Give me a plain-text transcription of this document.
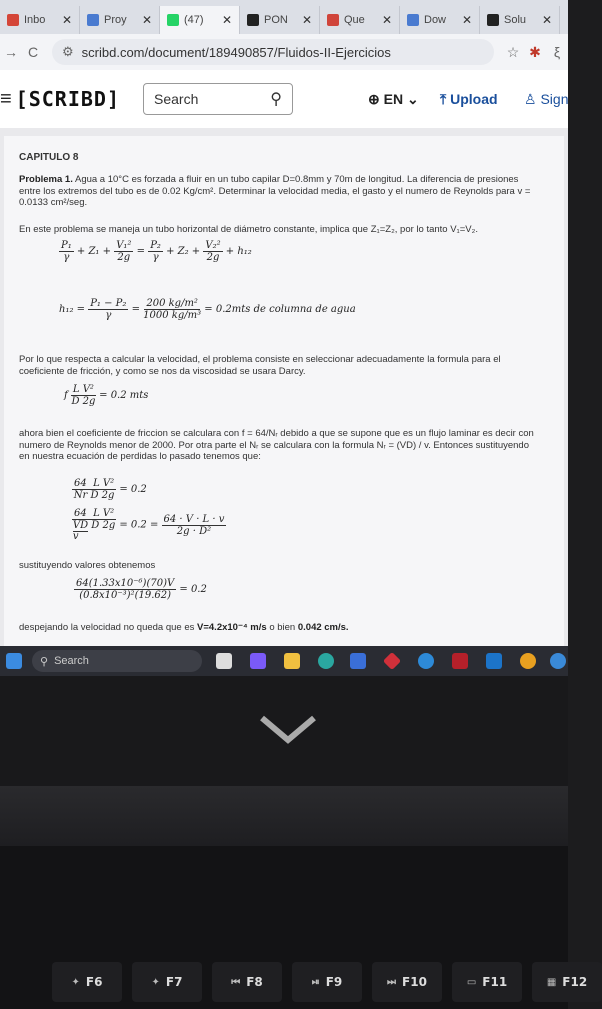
Inbo	✕	Proy	✕	(47)	✕	PON	✕	Que	✕	Dow	✕	Solu	✕
→ C	⚙ scribd.com/document/189490857/Fluidos-II-Ejercicios	☆ ✱ ξ
≡ [SCRIBD] Search	⚲	⊕ EN ⌄ ⤒ Upload ♙ Sign
CAPITULO 8
Problema 1. Agua a 10°C es forzada a fluir en un tubo capilar D=0.8mm y 70m de longitud. La diferencia de presiones entre los extremos del tubo es de 0.02 Kg/cm². Determinar la velocidad media, el gasto y el numero de Reynolds para v = 0.0133 cm²/seg.
En este problema se maneja un tubo horizontal de diámetro constante, implica que Z₁=Z₂, por lo tanto V₁=V₂.
$\frac{\text{P₁}}{\gamma} + Z_1 + \frac{\text{V₁²}}{2g} = \frac{\text{P₂}}{\gamma} + Z_2 + \frac{\text{V₂²}}{2g} + h_{12}$
$h_{12} = \frac{\text{P₁ − P₂}}{\gamma} = \frac{\text{200 kg/m²}}{\text{1000 kg/m³}} = 0.2mts$ de columna de agua
Por lo que respecta a calcular la velocidad, el problema consiste en seleccionar adecuadamente la formula para el coeficiente de fricción, y como se nos da viscosidad se usara Darcy.
f $\frac{\text{L V²}}{D 2g} = 0.2$ mts
ahora bien el coeficiente de friccion se calculara con f = 64/Nᵣ debido a que se supone que es un flujo laminar es decir con numero de Reynolds menor de 2000. Por otra parte el Nᵣ se calculara con la formula Nᵣ = (VD) / v. Entonces sustituyendo en nuestra ecuación de perdidas lo pasado tenemos que:
$\frac{\text{64  L V²}}{\text{Nr D 2g}} = 0.2$
64  L V²
VD D 2g
v
= $0.2 = \frac{64 \cdot V \cdot L \cdot v}{\text{2g · D²}}$
sustituyendo valores obtenemos
$\frac{\text{64(1.33x10⁻⁶)(70)V}}{\text{(0.8x10⁻³)²(19.62)}} = 0.2$
despejando la velocidad no queda que es V=4.2x10⁻⁴ m/s o bien 0.042 cm/s.
⚲ Search
✦ F6	✦ F7	⏮ F8	⏯ F9	⏭ F10	▭ F11	▦ F12
